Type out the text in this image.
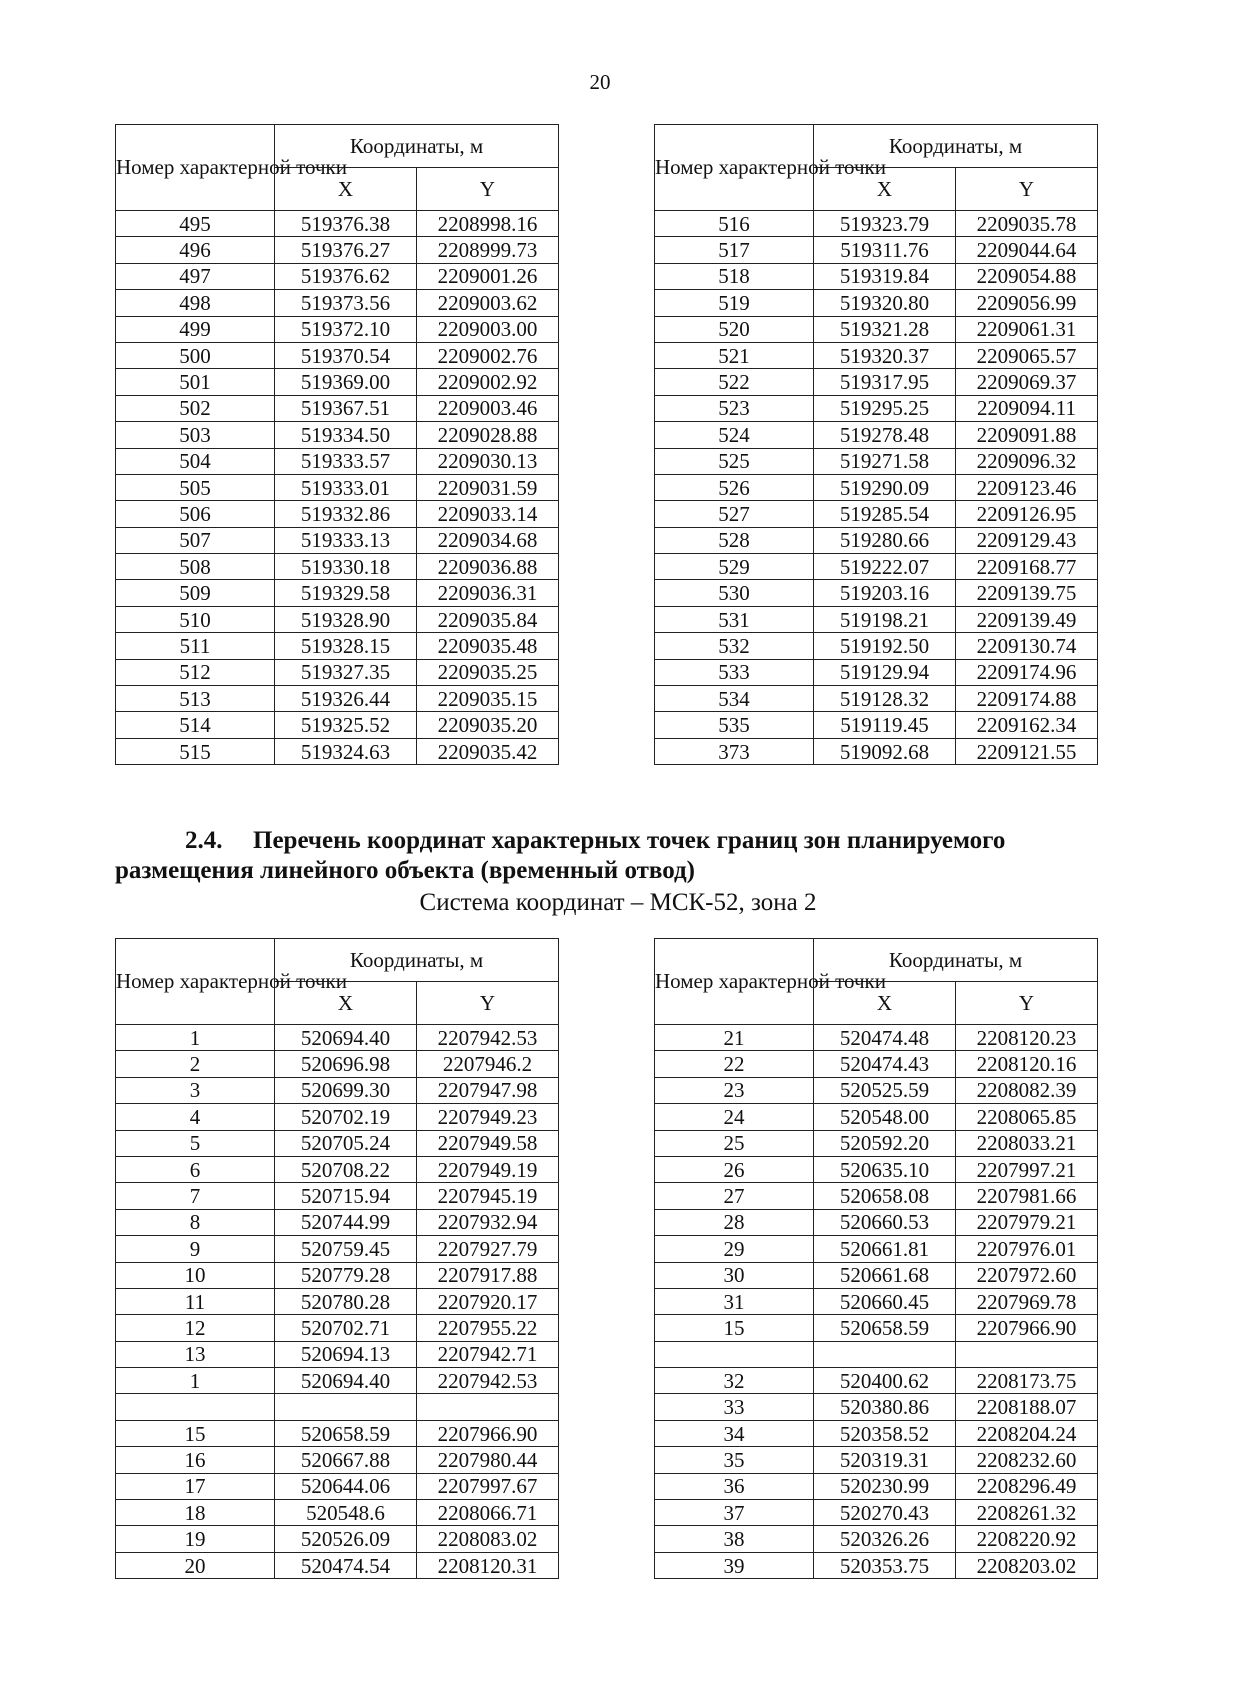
20
Номер характерной точки	Координаты, м	
	X	Y
495	519376.38	2208998.16
496	519376.27	2208999.73
497	519376.62	2209001.26
498	519373.56	2209003.62
499	519372.10	2209003.00
500	519370.54	2209002.76
501	519369.00	2209002.92
502	519367.51	2209003.46
503	519334.50	2209028.88
504	519333.57	2209030.13
505	519333.01	2209031.59
506	519332.86	2209033.14
507	519333.13	2209034.68
508	519330.18	2209036.88
509	519329.58	2209036.31
510	519328.90	2209035.84
511	519328.15	2209035.48
512	519327.35	2209035.25
513	519326.44	2209035.15
514	519325.52	2209035.20
515	519324.63	2209035.42
Номер характерной точки	Координаты, м	
	X	Y
516	519323.79	2209035.78
517	519311.76	2209044.64
518	519319.84	2209054.88
519	519320.80	2209056.99
520	519321.28	2209061.31
521	519320.37	2209065.57
522	519317.95	2209069.37
523	519295.25	2209094.11
524	519278.48	2209091.88
525	519271.58	2209096.32
526	519290.09	2209123.46
527	519285.54	2209126.95
528	519280.66	2209129.43
529	519222.07	2209168.77
530	519203.16	2209139.75
531	519198.21	2209139.49
532	519192.50	2209130.74
533	519129.94	2209174.96
534	519128.32	2209174.88
535	519119.45	2209162.34
373	519092.68	2209121.55
2.4. Перечень координат характерных точек границ зон планируемого
размещения линейного объекта (временный отвод)
Система координат – МСК-52, зона 2
Номер характерной точки	Координаты, м	
	X	Y
1	520694.40	2207942.53
2	520696.98	2207946.2
3	520699.30	2207947.98
4	520702.19	2207949.23
5	520705.24	2207949.58
6	520708.22	2207949.19
7	520715.94	2207945.19
8	520744.99	2207932.94
9	520759.45	2207927.79
10	520779.28	2207917.88
11	520780.28	2207920.17
12	520702.71	2207955.22
13	520694.13	2207942.71
1	520694.40	2207942.53

15	520658.59	2207966.90
16	520667.88	2207980.44
17	520644.06	2207997.67
18	520548.6	2208066.71
19	520526.09	2208083.02
20	520474.54	2208120.31
Номер характерной точки	Координаты, м	
	X	Y
21	520474.48	2208120.23
22	520474.43	2208120.16
23	520525.59	2208082.39
24	520548.00	2208065.85
25	520592.20	2208033.21
26	520635.10	2207997.21
27	520658.08	2207981.66
28	520660.53	2207979.21
29	520661.81	2207976.01
30	520661.68	2207972.60
31	520660.45	2207969.78
15	520658.59	2207966.90

32	520400.62	2208173.75
33	520380.86	2208188.07
34	520358.52	2208204.24
35	520319.31	2208232.60
36	520230.99	2208296.49
37	520270.43	2208261.32
38	520326.26	2208220.92
39	520353.75	2208203.02
